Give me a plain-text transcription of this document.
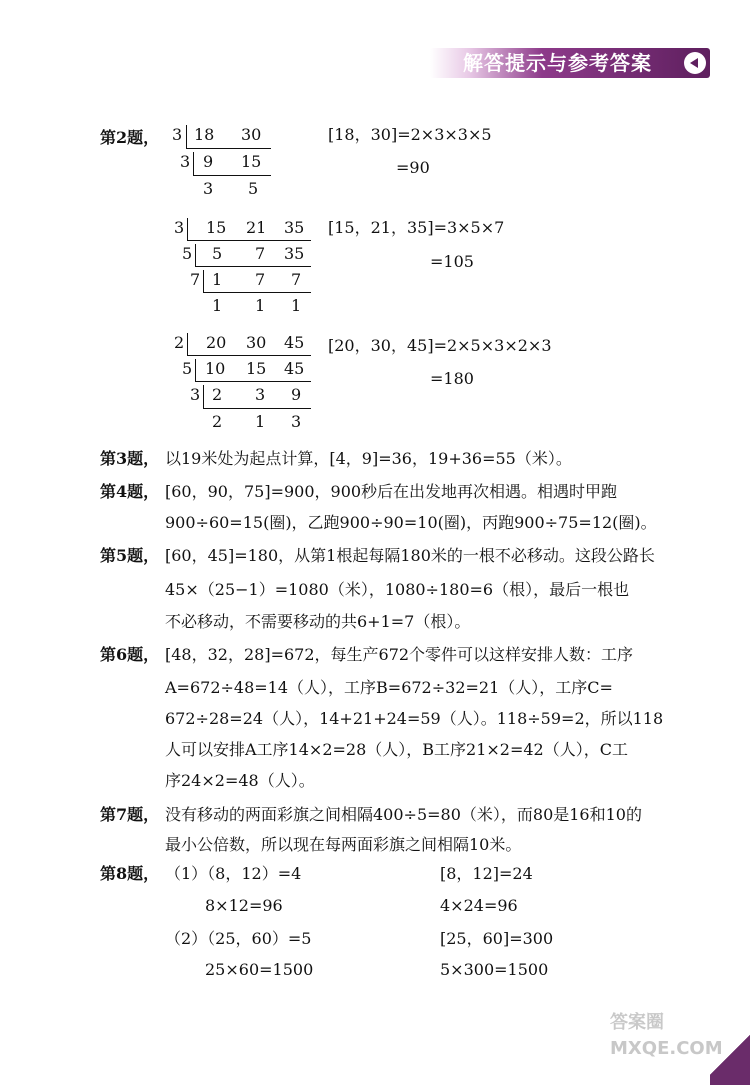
解答提示与参考答案
第2题， 3 18 30
3 9 15
3 5
[18，30]=2×3×3×5
=90
3 15 21 35
5 5 7 35
7 1 7 7
1 1 1
[15，21，35]=3×5×7
=105
2 20 30 45
5 10 15 45
3 2 3 9
2 1 3
[20，30，45]=2×5×3×2×3
=180
第3题， 以19米处为起点计算，[4，9]=36，19+36=55（米）。
第4题， [60，90，75]=900，900秒后在出发地再次相遇。相遇时甲跑
900÷60=15(圈)，乙跑900÷90=10(圈)，丙跑900÷75=12(圈)。
第5题， [60，45]=180，从第1根起每隔180米的一根不必移动。这段公路长
45×（25−1）=1080（米），1080÷180=6（根），最后一根也
不必移动，不需要移动的共6+1=7（根）。
第6题， [48，32，28]=672，每生产672个零件可以这样安排人数：工序
A=672÷48=14（人），工序B=672÷32=21（人），工序C=
672÷28=24（人），14+21+24=59（人）。118÷59=2，所以118
人可以安排A工序14×2=28（人），B工序21×2=42（人），C工
序24×2=48（人）。
第7题， 没有移动的两面彩旗之间相隔400÷5=80（米），而80是16和10的
最小公倍数，所以现在每两面彩旗之间相隔10米。
第8题， （1）（8，12）=4
8×12=96
[8，12]=24
4×24=96
（2）（25，60）=5
25×60=1500
[25，60]=300
5×300=1500
答案圈
MXQE.COM
